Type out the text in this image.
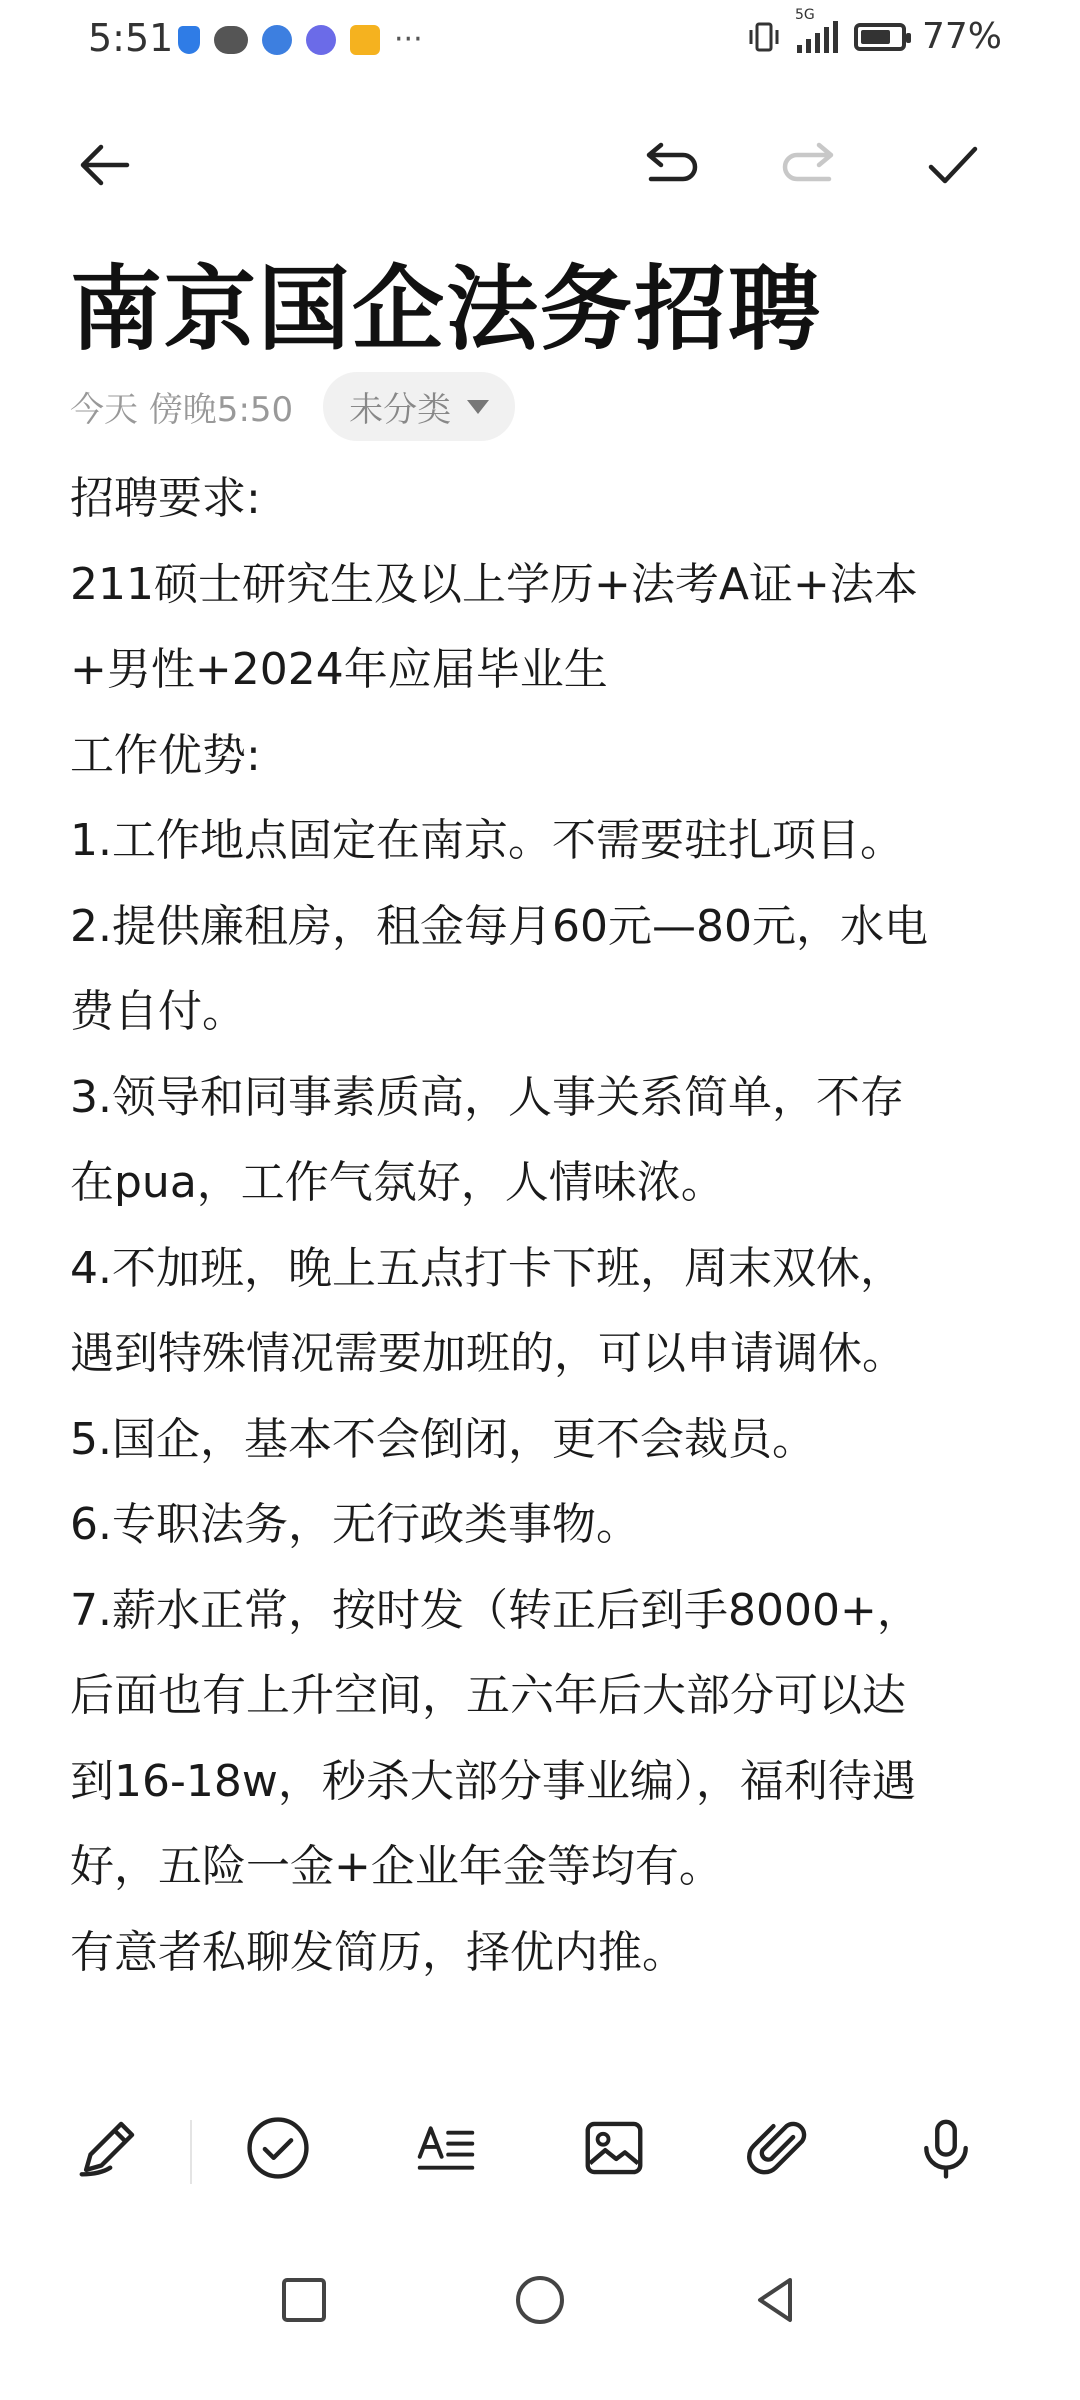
5:51	···
5G
77%
南京国企法务招聘
今天 傍晚5:50 未分类

招聘要求:

211硕士研究生及以上学历+法考A证+法本

+男性+2024年应届毕业生

工作优势:

1.工作地点固定在南京。不需要驻扎项目。

2.提供廉租房，租金每月60元—80元，水电

费自付。

3.领导和同事素质高，人事关系简单，不存

在pua，工作气氛好，人情味浓。

4.不加班，晚上五点打卡下班，周末双休，

遇到特殊情况需要加班的，可以申请调休。

5.国企，基本不会倒闭，更不会裁员。

6.专职法务，无行政类事物。

7.薪水正常，按时发（转正后到手8000+，

后面也有上升空间，五六年后大部分可以达

到16-18w，秒杀大部分事业编），福利待遇

好，五险一金+企业年金等均有。

有意者私聊发简历，择优内推。
